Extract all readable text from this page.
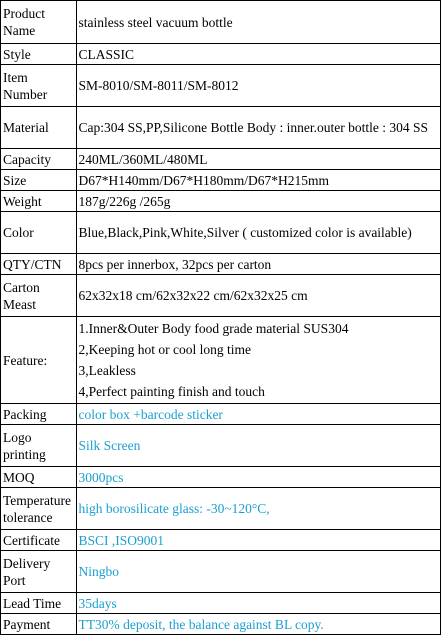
Product Name	stainless steel vacuum bottle
Style	CLASSIC
Item Number	SM-8010/SM-8011/SM-8012
Material	Cap:304 SS,PP,Silicone Bottle Body : inner.outer bottle : 304 SS
Capacity	240ML/360ML/480ML
Size	D67*H140mm/D67*H180mm/D67*H215mm
Weight	187g/226g /265g
Color	Blue,Black,Pink,White,Silver ( customized color is available)
QTY/CTN	8pcs per innerbox, 32pcs per carton
Carton Meast	62x32x18 cm/62x32x22 cm/62x32x25 cm
Feature:	1.Inner&Outer Body food grade material SUS304
2,Keeping hot or cool long time
3,Leakless
4,Perfect painting finish and touch

Packing	color box +barcode sticker
Logo printing	Silk Screen
MOQ	3000pcs
Temperature tolerance	high borosilicate glass: -30~120°C,
Certificate	BSCI ,ISO9001
Delivery Port	Ningbo
Lead Time	35days
Payment	TT30% deposit, the balance against BL copy.
